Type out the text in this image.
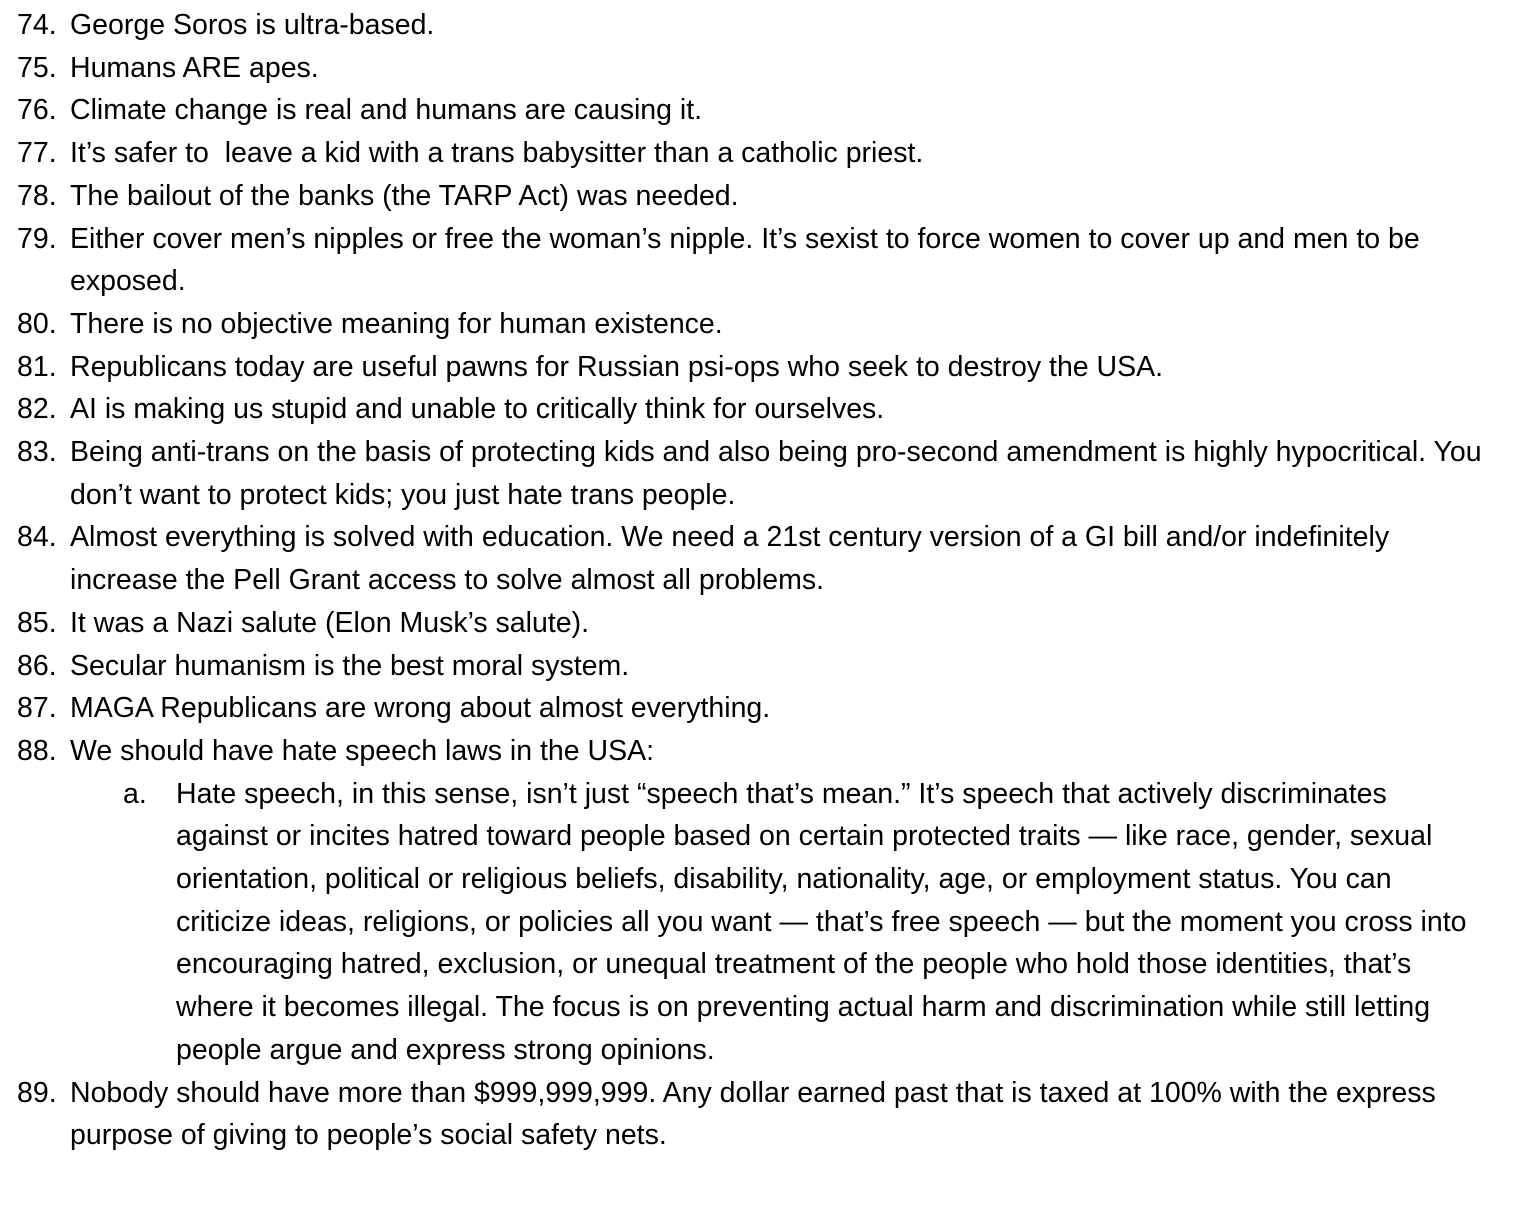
74. George Soros is ultra-based.
75. Humans ARE apes.
76. Climate change is real and humans are causing it.
77. It’s safer to  leave a kid with a trans babysitter than a catholic priest.
78. The bailout of the banks (the TARP Act) was needed.
79. Either cover men’s nipples or free the woman’s nipple. It’s sexist to force women to cover up and men to be exposed.
80. There is no objective meaning for human existence.
81. Republicans today are useful pawns for Russian psi-ops who seek to destroy the USA.
82. AI is making us stupid and unable to critically think for ourselves.
83. Being anti-trans on the basis of protecting kids and also being pro-second amendment is highly hypocritical. You don’t want to protect kids; you just hate trans people.
84. Almost everything is solved with education. We need a 21st century version of a GI bill and/or indefinitely increase the Pell Grant access to solve almost all problems.
85. It was a Nazi salute (Elon Musk’s salute).
86. Secular humanism is the best moral system.
87. MAGA Republicans are wrong about almost everything.
88. We should have hate speech laws in the USA:
a.	Hate speech, in this sense, isn’t just “speech that’s mean.” It’s speech that actively discriminates against or incites hatred toward people based on certain protected traits — like race, gender, sexual orientation, political or religious beliefs, disability, nationality, age, or employment status. You can criticize ideas, religions, or policies all you want — that’s free speech — but the moment you cross into encouraging hatred, exclusion, or unequal treatment of the people who hold those identities, that’s where it becomes illegal. The focus is on preventing actual harm and discrimination while still letting people argue and express strong opinions.
89. Nobody should have more than $999,999,999. Any dollar earned past that is taxed at 100% with the express purpose of giving to people’s social safety nets.
